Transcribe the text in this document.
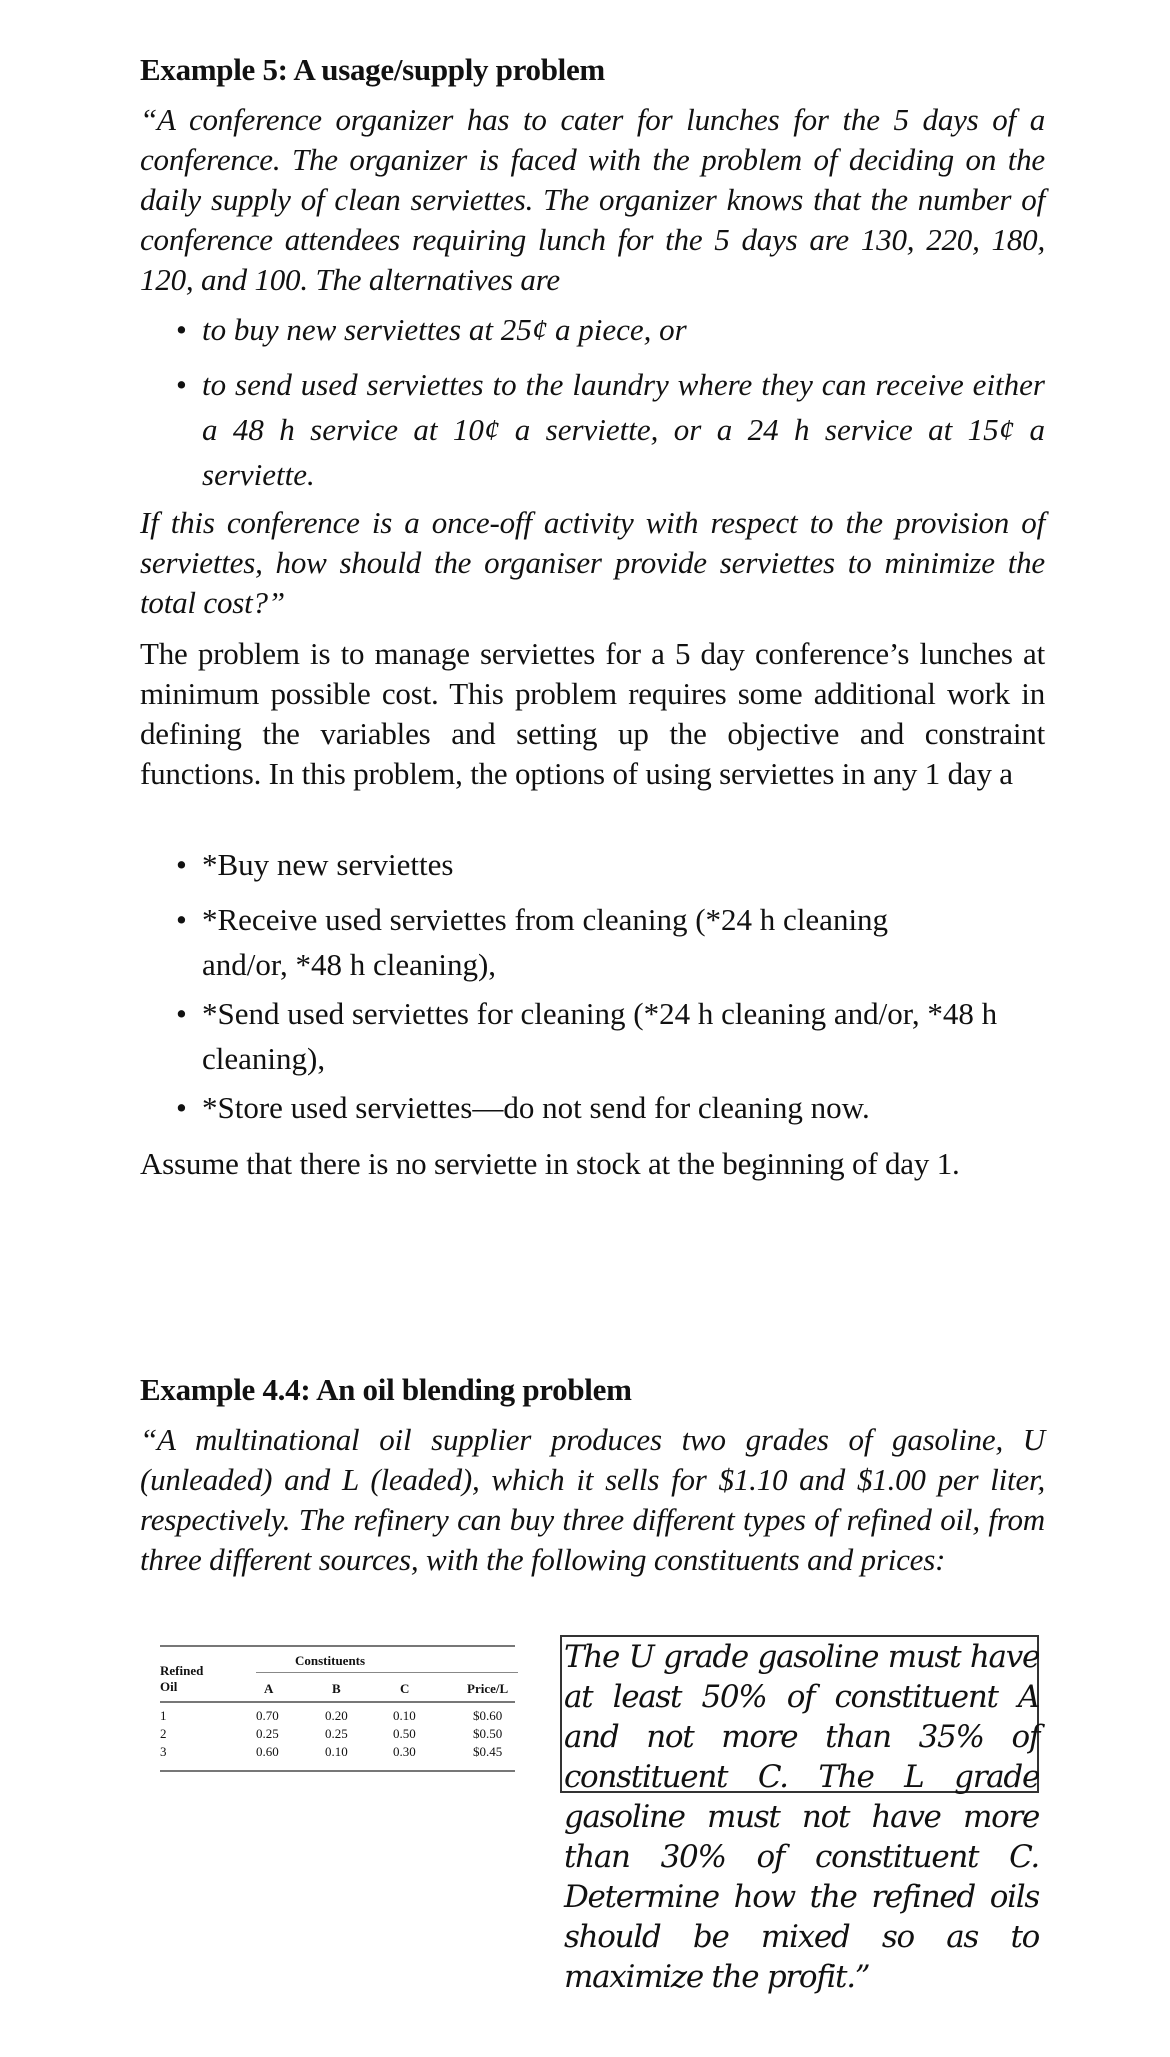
Example 5: A usage/supply problem
“A conference organizer has to cater for lunches for the 5 days of a conference. The organizer is faced with the problem of deciding on the daily supply of clean serviettes. The organizer knows that the number of conference attendees requiring lunch for the 5 days are 130, 220, 180, 120, and 100. The alternatives are
• to buy new serviettes at 25¢ a piece, or
• to send used serviettes to the laundry where they can receive either a 48 h service at 10¢ a serviette, or a 24 h service at 15¢ a serviette.
If this conference is a once-off activity with respect to the provision of serviettes, how should the organiser provide serviettes to minimize the total cost?”
The problem is to manage serviettes for a 5 day conference’s lunches at minimum possible cost. This problem requires some additional work in defining the variables and setting up the objective and constraint functions. In this problem, the options of using serviettes in any 1 day a
• *Buy new serviettes
• *Receive used serviettes from cleaning (*24 h cleaning and/or, *48 h cleaning),
• *Send used serviettes for cleaning (*24 h cleaning and/or, *48 h cleaning),
• *Store used serviettes—do not send for cleaning now.
Assume that there is no serviette in stock at the beginning of day 1.
Example 4.4: An oil blending problem
“A multinational oil supplier produces two grades of gasoline, U (unleaded) and L (leaded), which it sells for $1.10 and $1.00 per liter, respectively. The refinery can buy three different types of refined oil, from three different sources, with the following constituents and prices:
Constituents
Refined
Oil	A	B	C	Price/L
1	0.70	0.20	0.10	$0.60
2	0.25	0.25	0.50	$0.50
3	0.60	0.10	0.30	$0.45
The U grade gasoline must have at least 50% of constituent A and not more than 35% of constituent C. The L grade gasoline must not have more than 30% of constituent C. Determine how the refined oils should be mixed so as to maximize the profit.”
